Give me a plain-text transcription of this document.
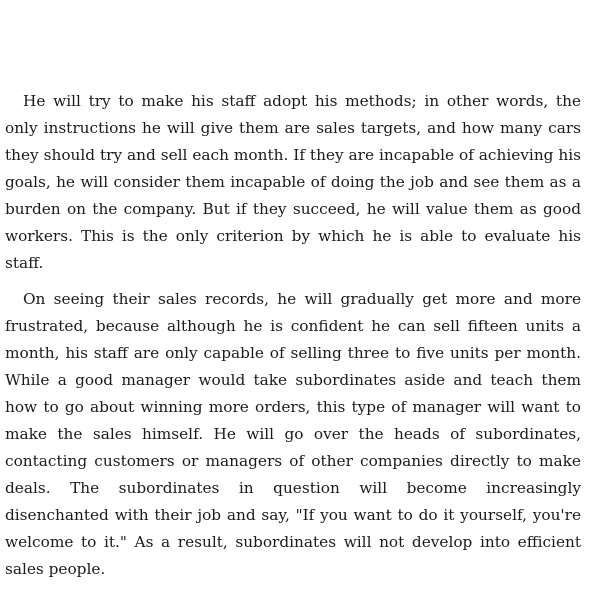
He will try to make his staff adopt his methods; in other words, the only instructions he will give them are sales targets, and how many cars they should try and sell each month. If they are incapable of achieving his goals, he will consider them incapable of doing the job and see them as a burden on the company. But if they succeed, he will value them as good workers. This is the only criterion by which he is able to evaluate his staff.

On seeing their sales records, he will gradually get more and more frustrated, because although he is confident he can sell fifteen units a month, his staff are only capable of selling three to five units per month. While a good manager would take subordinates aside and teach them how to go about winning more orders, this type of manager will want to make the sales himself. He will go over the heads of subordinates, contacting customers or managers of other companies directly to make deals. The subordinates in question will become increasingly disenchanted with their job and say, "If you want to do it yourself, you're welcome to it." As a result, subordinates will not develop into efficient sales people.
